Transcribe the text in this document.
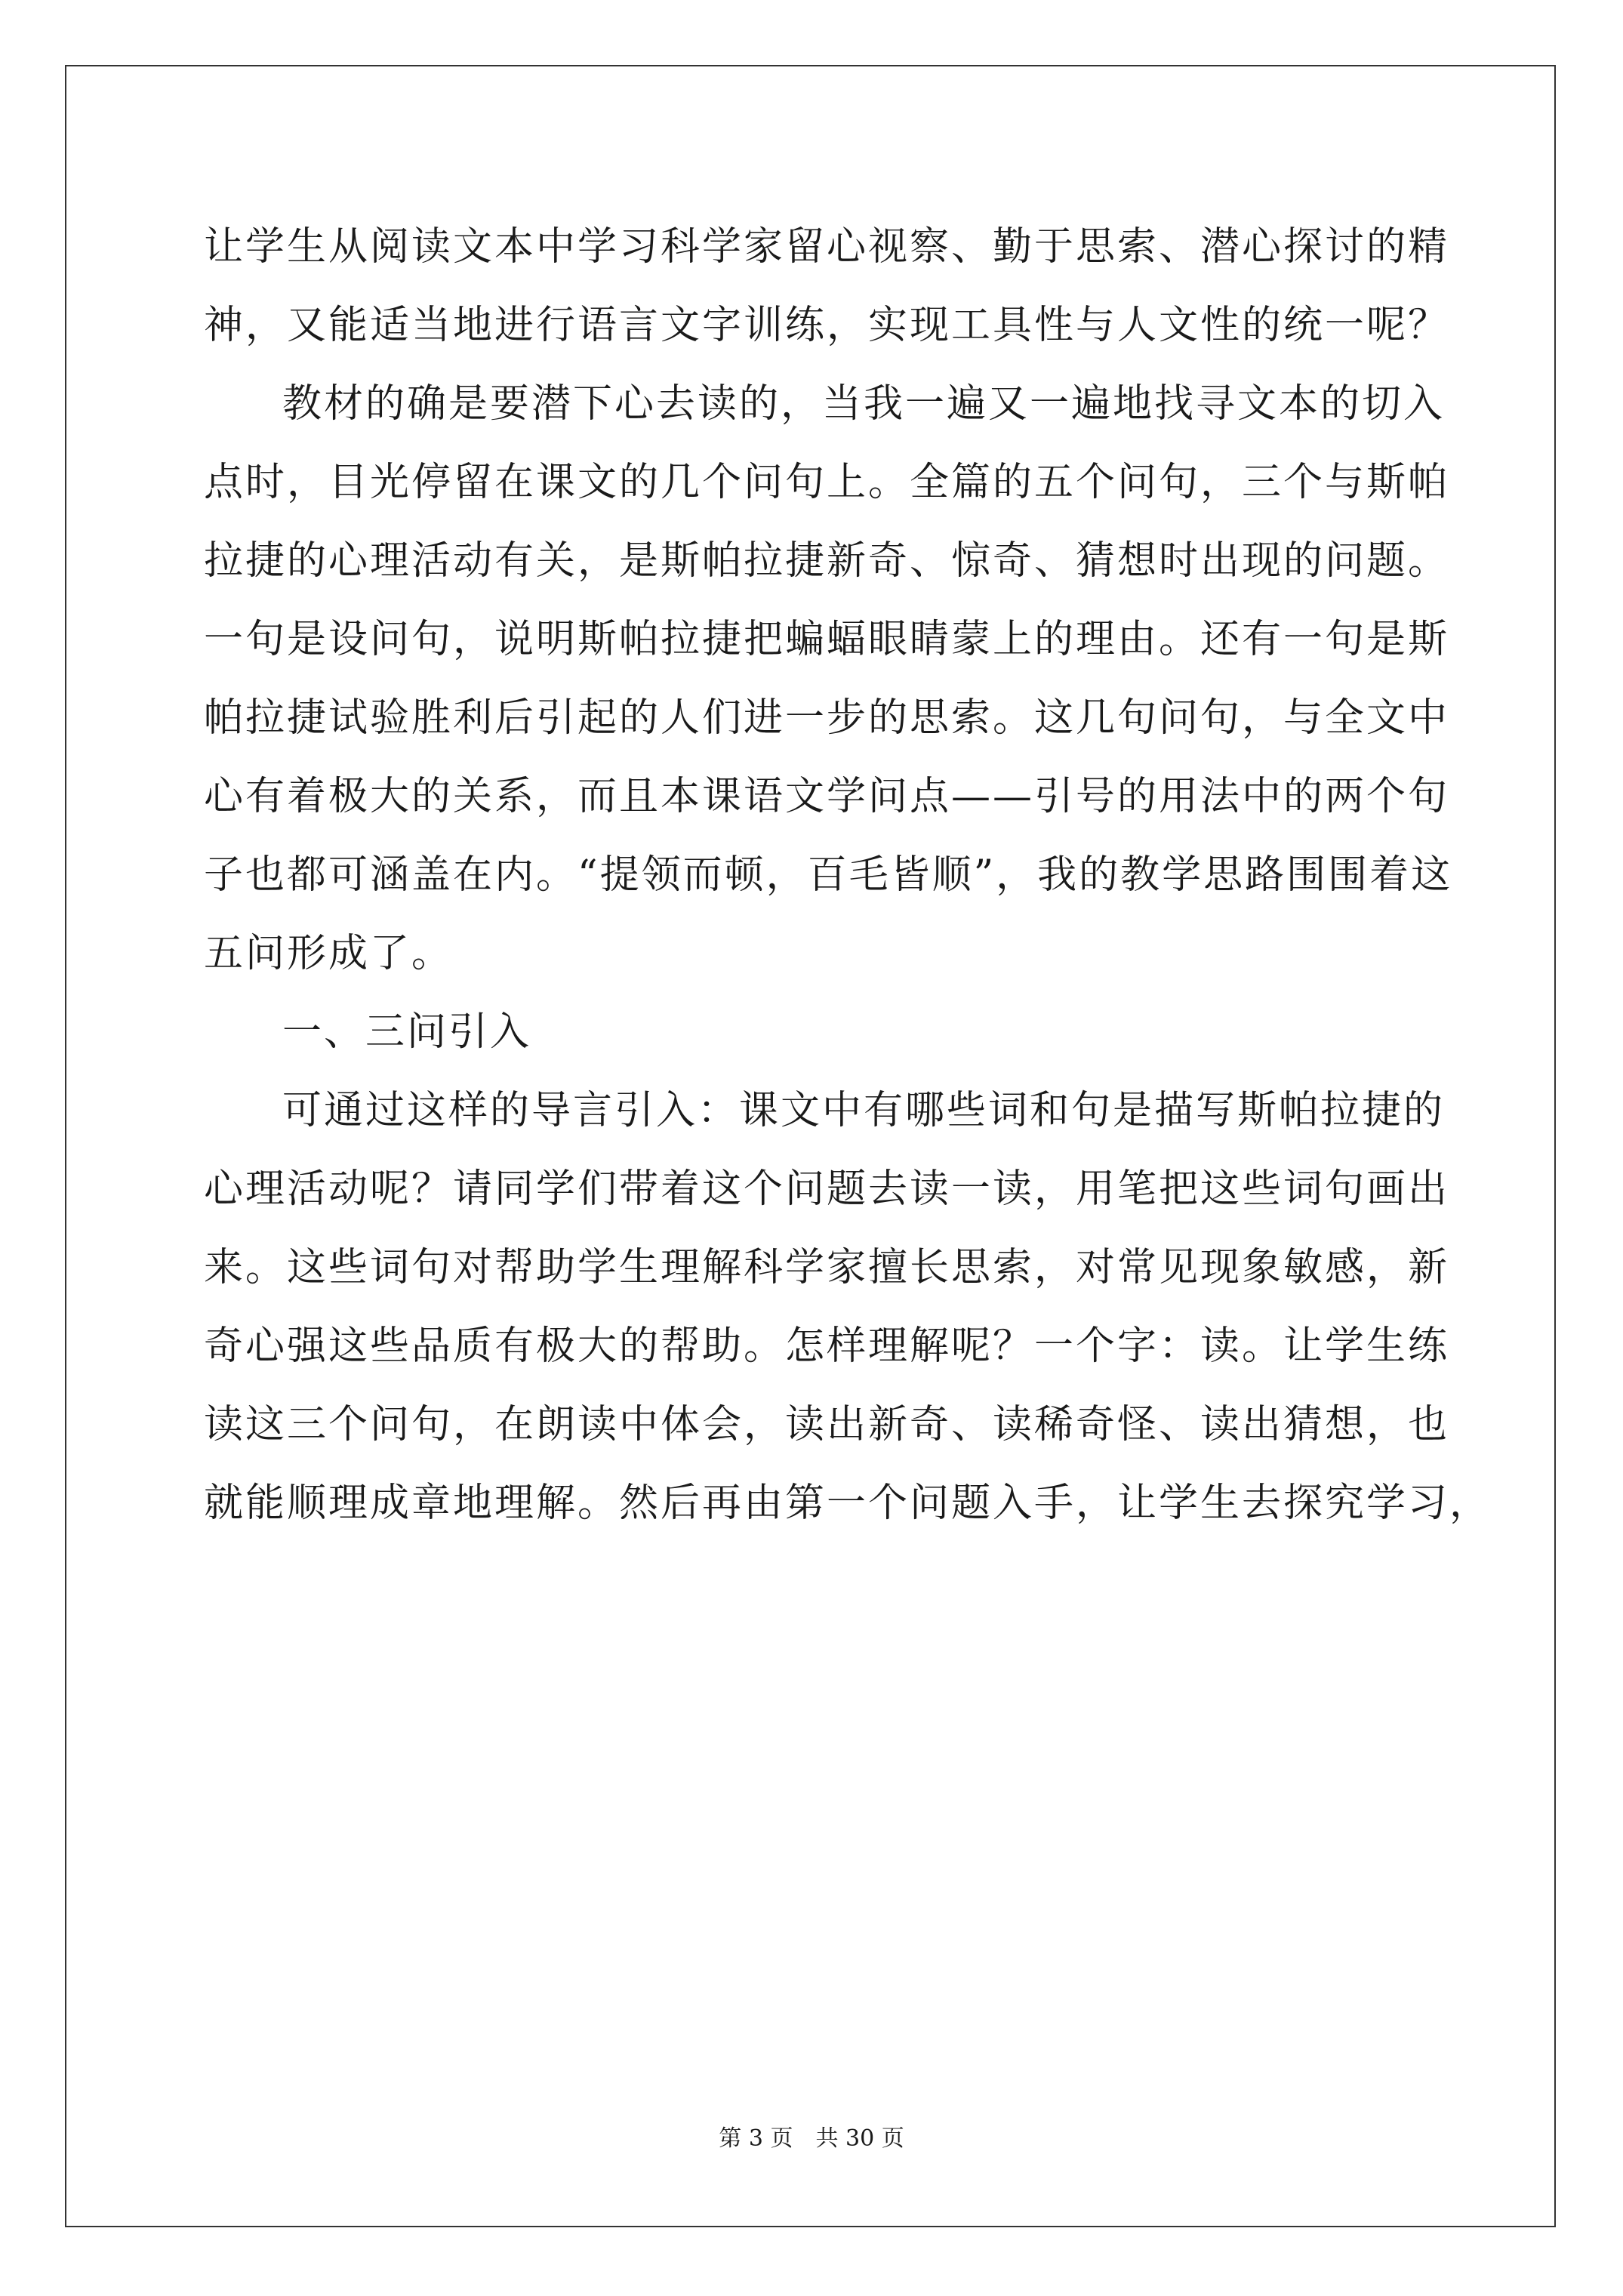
让学生从阅读文本中学习科学家留心视察、勤于思索、潜心探讨的精
神，又能适当地进行语言文字训练，实现工具性与人文性的统一呢？
教材的确是要潜下心去读的，当我一遍又一遍地找寻文本的切入
点时，目光停留在课文的几个问句上。全篇的五个问句，三个与斯帕
拉捷的心理活动有关，是斯帕拉捷新奇、惊奇、猜想时出现的问题。
一句是设问句，说明斯帕拉捷把蝙蝠眼睛蒙上的理由。还有一句是斯
帕拉捷试验胜利后引起的人们进一步的思索。这几句问句，与全文中
心有着极大的关系，而且本课语文学问点——引号的用法中的两个句
子也都可涵盖在内。“提领而顿，百毛皆顺”，我的教学思路围围着这
五问形成了。
一、三问引入
可通过这样的导言引入：课文中有哪些词和句是描写斯帕拉捷的
心理活动呢？请同学们带着这个问题去读一读，用笔把这些词句画出
来。这些词句对帮助学生理解科学家擅长思索，对常见现象敏感，新
奇心强这些品质有极大的帮助。怎样理解呢？一个字：读。让学生练
读这三个问句，在朗读中体会，读出新奇、读稀奇怪、读出猜想，也
就能顺理成章地理解。然后再由第一个问题入手，让学生去探究学习，
第 3 页　共 30 页
